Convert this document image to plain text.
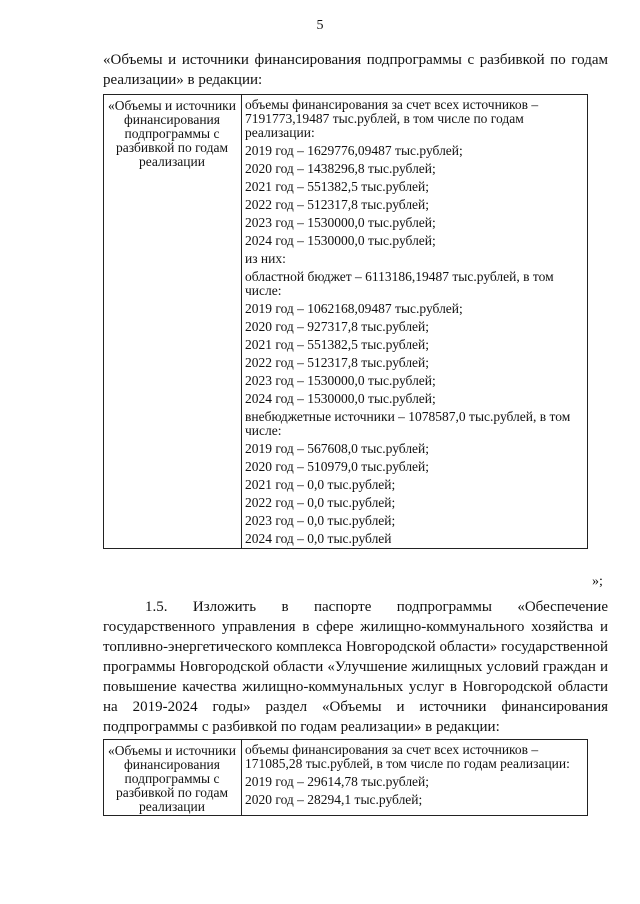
5
«Объемы и источники финансирования подпрограммы с разбивкой по годам реализации» в редакции:
«Объемы и источники финансирования подпрограммы с разбивкой по годам реализации	
объемы финансирования за счет всех источников – 7191773,19487 тыс.рублей, в том числе по годам реализации:
2019 год – 1629776,09487 тыс.рублей;
2020 год – 1438296,8 тыс.рублей;
2021 год – 551382,5 тыс.рублей;
2022 год – 512317,8 тыс.рублей;
2023 год – 1530000,0 тыс.рублей;
2024 год – 1530000,0 тыс.рублей;
из них:
областной бюджет – 6113186,19487 тыс.рублей, в том числе:
2019 год – 1062168,09487 тыс.рублей;
2020 год – 927317,8 тыс.рублей;
2021 год – 551382,5 тыс.рублей;
2022 год – 512317,8 тыс.рублей;
2023 год – 1530000,0 тыс.рублей;
2024 год – 1530000,0 тыс.рублей;
внебюджетные источники – 1078587,0 тыс.рублей, в том числе:
2019 год – 567608,0 тыс.рублей;
2020 год – 510979,0 тыс.рублей;
2021 год – 0,0 тыс.рублей;
2022 год – 0,0 тыс.рублей;
2023 год – 0,0 тыс.рублей;
2024 год – 0,0 тыс.рублей
»;
1.5. Изложить в паспорте подпрограммы «Обеспечение государственного управления в сфере жилищно-коммунального хозяйства и топливно-энергетического комплекса Новгородской области» государственной программы Новгородской области «Улучшение жилищных условий граждан и повышение качества жилищно-коммунальных услуг в Новгородской области на 2019-2024 годы» раздел «Объемы и источники финансирования подпрограммы с разбивкой по годам реализации» в редакции:
«Объемы и источники финансирования подпрограммы с разбивкой по годам реализации	
объемы финансирования за счет всех источников – 171085,28 тыс.рублей, в том числе по годам реализации:
2019 год – 29614,78 тыс.рублей;
2020 год – 28294,1 тыс.рублей;
